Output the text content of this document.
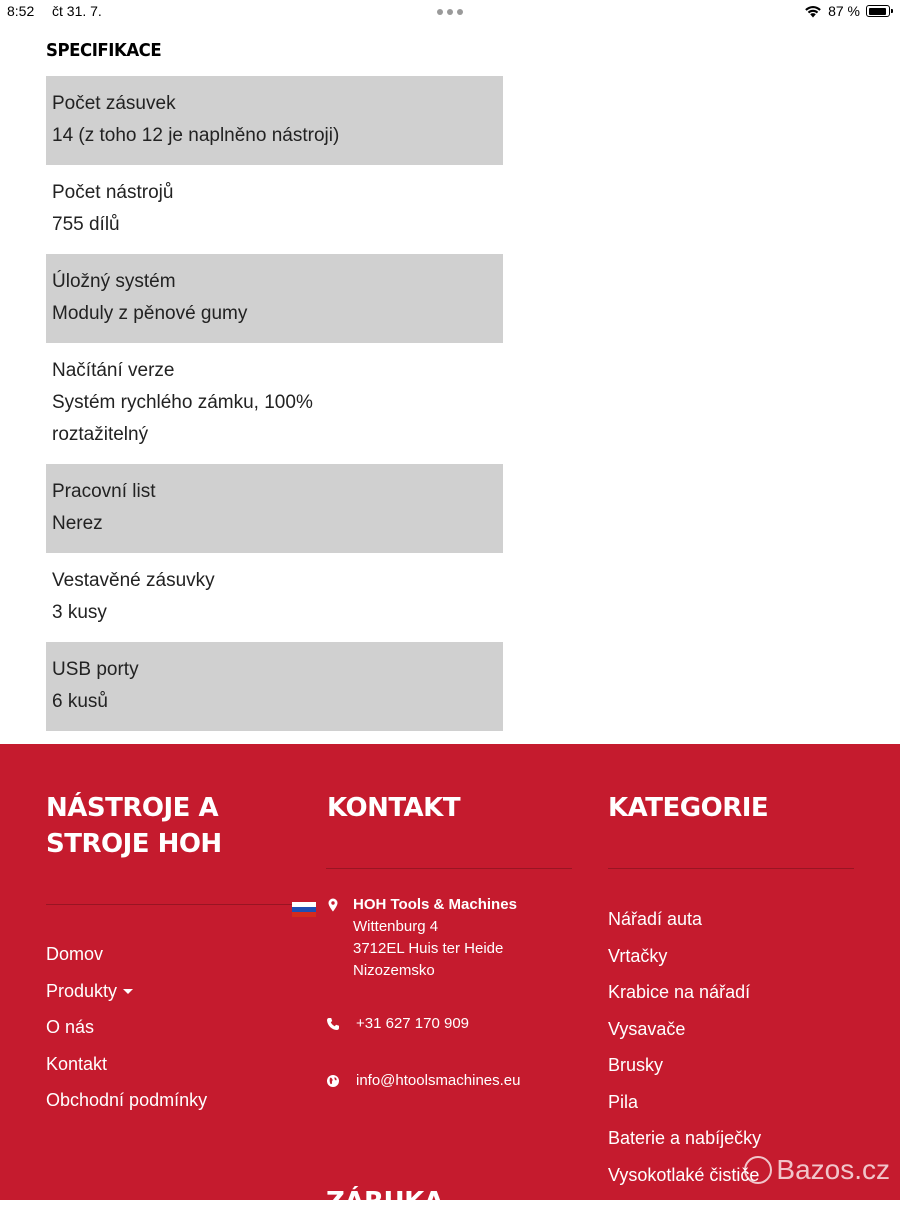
8:52 čt 31. 7.	87 %
SPECIFIKACE
Počet zásuvek
14 (z toho 12 je naplněno nástroji)
Počet nástrojů
755 dílů
Úložný systém
Moduly z pěnové gumy
Načítání verze
Systém rychlého zámku, 100% roztažitelný
Pracovní list
Nerez
Vestavěné zásuvky
3 kusy
USB porty
6 kusů
NÁSTROJE A STROJE HOH
Domov
Produkty
O nás
Kontakt
Obchodní podmínky
KONTAKT
HOH Tools & Machines
Wittenburg 4
3712EL Huis ter Heide
Nizozemsko
+31 627 170 909
info@htoolsmachines.eu
ZÁRUKA
KATEGORIE
Nářadí auta
Vrtačky
Krabice na nářadí
Vysavače
Brusky
Pila
Baterie a nabíječky
Vysokotlaké čističe Bazos.cz
